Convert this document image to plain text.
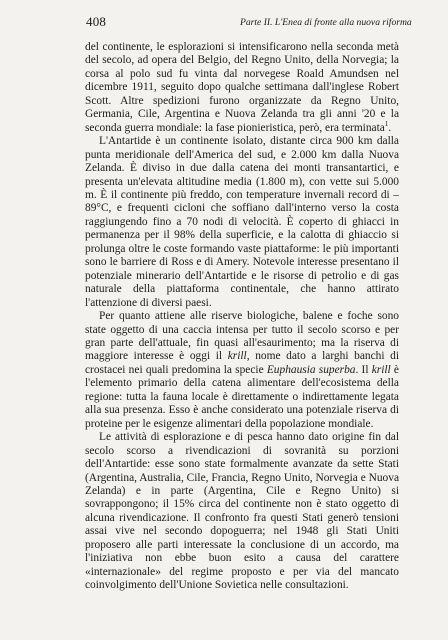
408	Parte II. L'Enea di fronte alla nuova riforma

del continente, le esplorazioni si intensificarono nella seconda metà del secolo, ad opera del Belgio, del Regno Unito, della Norvegia; la corsa al polo sud fu vinta dal norvegese Roald Amundsen nel dicembre 1911, seguito dopo qualche settimana dall'inglese Robert Scott. Altre spedizioni furono organizzate da Regno Unito, Germania, Cile, Argentina e Nuova Zelanda tra gli anni '20 e la seconda guerra mondiale: la fase pionieristica, però, era terminata$^1$.

L'Antartide è un continente isolato, distante circa 900 km dalla punta meridionale dell'America del sud, e 2.000 km dalla Nuova Zelanda. È diviso in due dalla catena dei monti transantartici, e presenta un'elevata altitudine media (1.800 m), con vette sui 5.000 m. È il continente più freddo, con temperature invernali record di – 89°C, e frequenti cicloni che soffiano dall'interno verso la costa raggiungendo fino a 70 nodi di velocità. È coperto di ghiacci in permanenza per il 98% della superficie, e la calotta di ghiaccio si prolunga oltre le coste formando vaste piattaforme: le più importanti sono le barriere di Ross e di Amery. Notevole interesse presentano il potenziale minerario dell'Antartide e le risorse di petrolio e di gas naturale della piattaforma continentale, che hanno attirato l'attenzione di diversi paesi.

Per quanto attiene alle riserve biologiche, balene e foche sono state oggetto di una caccia intensa per tutto il secolo scorso e per gran parte dell'attuale, fin quasi all'esaurimento; ma la riserva di maggiore interesse è oggi il krill, nome dato a larghi banchi di crostacei nei quali predomina la specie Euphausia superba. Il krill è l'elemento primario della catena alimentare dell'ecosistema della regione: tutta la fauna locale è direttamente o indirettamente legata alla sua presenza. Esso è anche considerato una potenziale riserva di proteine per le esigenze alimentari della popolazione mondiale.

Le attività di esplorazione e di pesca hanno dato origine fin dal secolo scorso a rivendicazioni di sovranità su porzioni dell'Antartide: esse sono state formalmente avanzate da sette Stati (Argentina, Australia, Cile, Francia, Regno Unito, Norvegia e Nuova Zelanda) e in parte (Argentina, Cile e Regno Unito) si sovrappongono; il 15% circa del continente non è stato oggetto di alcuna rivendicazione. Il confronto fra questi Stati generò tensioni assai vive nel secondo dopoguerra; nel 1948 gli Stati Uniti proposero alle parti interessate la conclusione di un accordo, ma l'iniziativa non ebbe buon esito a causa del carattere «internazionale» del regime proposto e per via del mancato coinvolgimento dell'Unione Sovietica nelle consultazioni.
